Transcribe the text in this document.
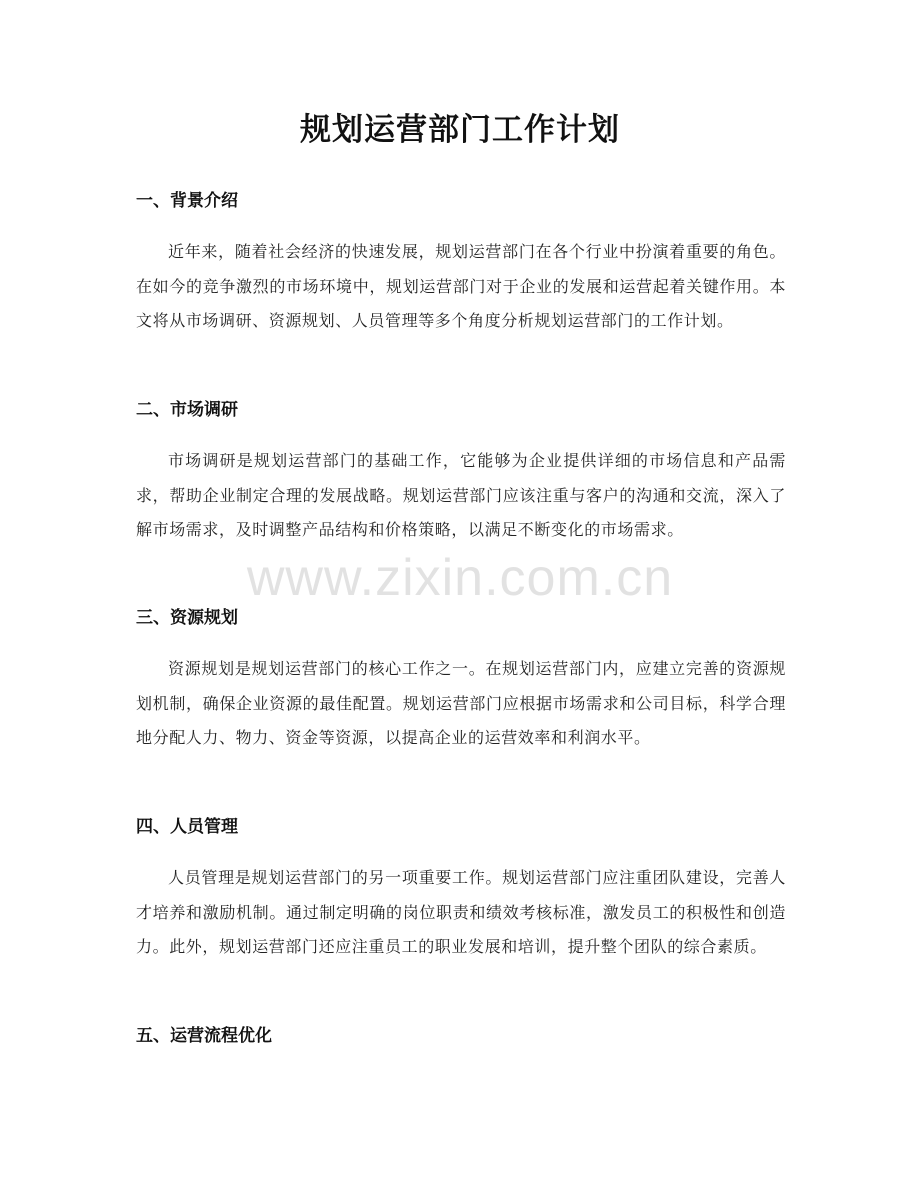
规划运营部门工作计划
一、背景介绍

近年来，随着社会经济的快速发展，规划运营部门在各个行业中扮演着重要的角色。在如今的竞争激烈的市场环境中，规划运营部门对于企业的发展和运营起着关键作用。本文将从市场调研、资源规划、人员管理等多个角度分析规划运营部门的工作计划。

二、市场调研

市场调研是规划运营部门的基础工作，它能够为企业提供详细的市场信息和产品需求，帮助企业制定合理的发展战略。规划运营部门应该注重与客户的沟通和交流，深入了解市场需求，及时调整产品结构和价格策略，以满足不断变化的市场需求。

三、资源规划

资源规划是规划运营部门的核心工作之一。在规划运营部门内，应建立完善的资源规划机制，确保企业资源的最佳配置。规划运营部门应根据市场需求和公司目标，科学合理地分配人力、物力、资金等资源，以提高企业的运营效率和利润水平。

四、人员管理

人员管理是规划运营部门的另一项重要工作。规划运营部门应注重团队建设，完善人才培养和激励机制。通过制定明确的岗位职责和绩效考核标准，激发员工的积极性和创造力。此外，规划运营部门还应注重员工的职业发展和培训，提升整个团队的综合素质。

五、运营流程优化
www.zixin.com.cn
